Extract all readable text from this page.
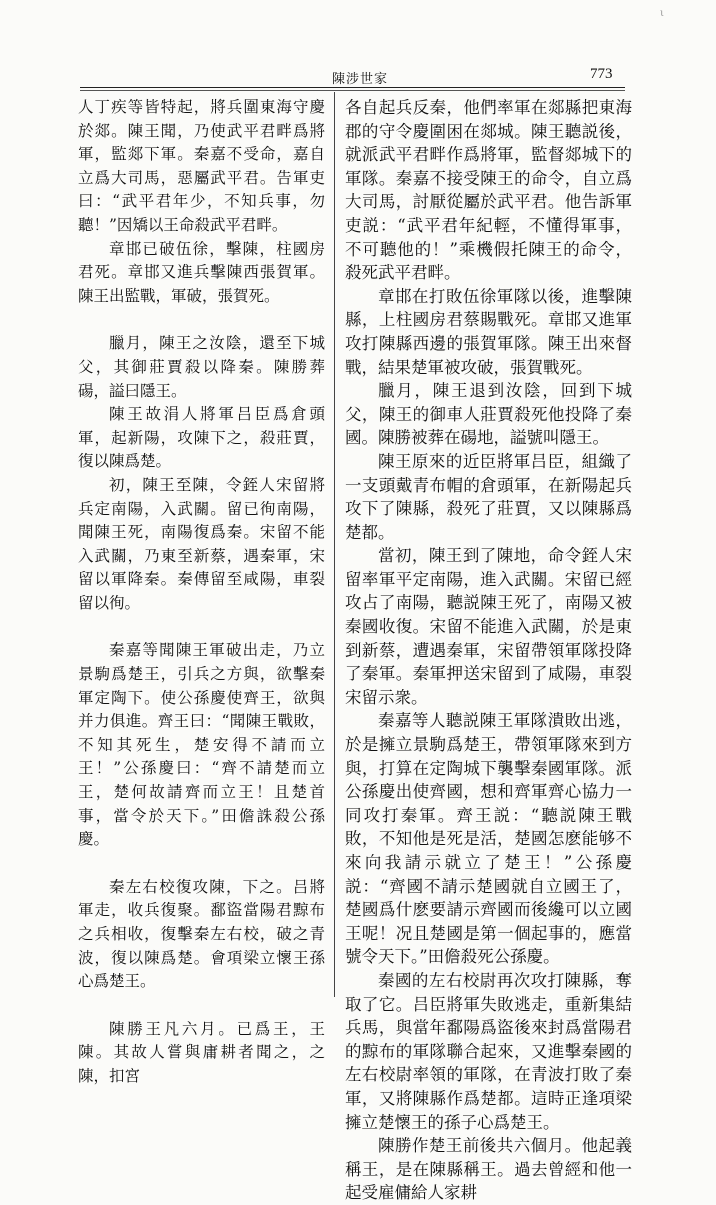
陳涉世家	773

人丁疾等皆特起，將兵圍東海守慶於郯。陳王聞，乃使武平君畔爲將軍，監郯下軍。秦嘉不受命，嘉自立爲大司馬，惡屬武平君。告軍吏曰：“武平君年少，不知兵事，勿聽！”因矯以王命殺武平君畔。

章邯已破伍徐，擊陳，柱國房君死。章邯又進兵擊陳西張賀軍。陳王出監戰，軍破，張賀死。

臘月，陳王之汝陰，還至下城父，其御莊賈殺以降秦。陳勝葬碭，謚曰隱王。

陳王故涓人將軍吕臣爲倉頭軍，起新陽，攻陳下之，殺莊賈，復以陳爲楚。

初，陳王至陳，令銍人宋留將兵定南陽，入武關。留已徇南陽，聞陳王死，南陽復爲秦。宋留不能入武關，乃東至新蔡，遇秦軍，宋留以軍降秦。秦傳留至咸陽，車裂留以徇。

秦嘉等聞陳王軍破出走，乃立景駒爲楚王，引兵之方與，欲擊秦軍定陶下。使公孫慶使齊王，欲與并力俱進。齊王曰：“聞陳王戰敗，不知其死生，楚安得不請而立王！”公孫慶曰：“齊不請楚而立王，楚何故請齊而立王！且楚首事，當令於天下。”田儋誅殺公孫慶。

秦左右校復攻陳，下之。吕將軍走，收兵復聚。鄱盜當陽君黥布之兵相收，復擊秦左右校，破之青波，復以陳爲楚。會項梁立懷王孫心爲楚王。

陳勝王凡六月。已爲王，王陳。其故人嘗與庸耕者聞之，之陳，扣宮

各自起兵反秦，他們率軍在郯縣把東海郡的守令慶圍困在郯城。陳王聽説後，就派武平君畔作爲將軍，監督郯城下的軍隊。秦嘉不接受陳王的命令，自立爲大司馬，討厭從屬於武平君。他告訴軍吏説：“武平君年紀輕，不懂得軍事，不可聽他的！”乘機假托陳王的命令，殺死武平君畔。

章邯在打敗伍徐軍隊以後，進擊陳縣，上柱國房君蔡賜戰死。章邯又進軍攻打陳縣西邊的張賀軍隊。陳王出來督戰，結果楚軍被攻破，張賀戰死。

臘月，陳王退到汝陰，回到下城父，陳王的御車人莊賈殺死他投降了秦國。陳勝被葬在碭地，謚號叫隱王。

陳王原來的近臣將軍吕臣，組織了一支頭戴青布帽的倉頭軍，在新陽起兵攻下了陳縣，殺死了莊賈，又以陳縣爲楚都。

當初，陳王到了陳地，命令銍人宋留率軍平定南陽，進入武關。宋留已經攻占了南陽，聽説陳王死了，南陽又被秦國收復。宋留不能進入武關，於是東到新蔡，遭遇秦軍，宋留帶領軍隊投降了秦軍。秦軍押送宋留到了咸陽，車裂宋留示衆。

秦嘉等人聽説陳王軍隊潰敗出逃，於是擁立景駒爲楚王，帶領軍隊來到方與，打算在定陶城下襲擊秦國軍隊。派公孫慶出使齊國，想和齊軍齊心協力一同攻打秦軍。齊王説：“聽説陳王戰敗，不知他是死是活，楚國怎麽能够不來向我請示就立了楚王！”公孫慶説：“齊國不請示楚國就自立國王了，楚國爲什麽要請示齊國而後纔可以立國王呢！况且楚國是第一個起事的，應當號令天下。”田儋殺死公孫慶。

秦國的左右校尉再次攻打陳縣，奪取了它。吕臣將軍失敗逃走，重新集結兵馬，與當年鄱陽爲盜後來封爲當陽君的黥布的軍隊聯合起來，又進擊秦國的左右校尉率領的軍隊，在青波打敗了秦軍，又將陳縣作爲楚都。這時正逢項梁擁立楚懷王的孫子心爲楚王。

陳勝作楚王前後共六個月。他起義稱王，是在陳縣稱王。過去曾經和他一起受雇傭給人家耕

ι
